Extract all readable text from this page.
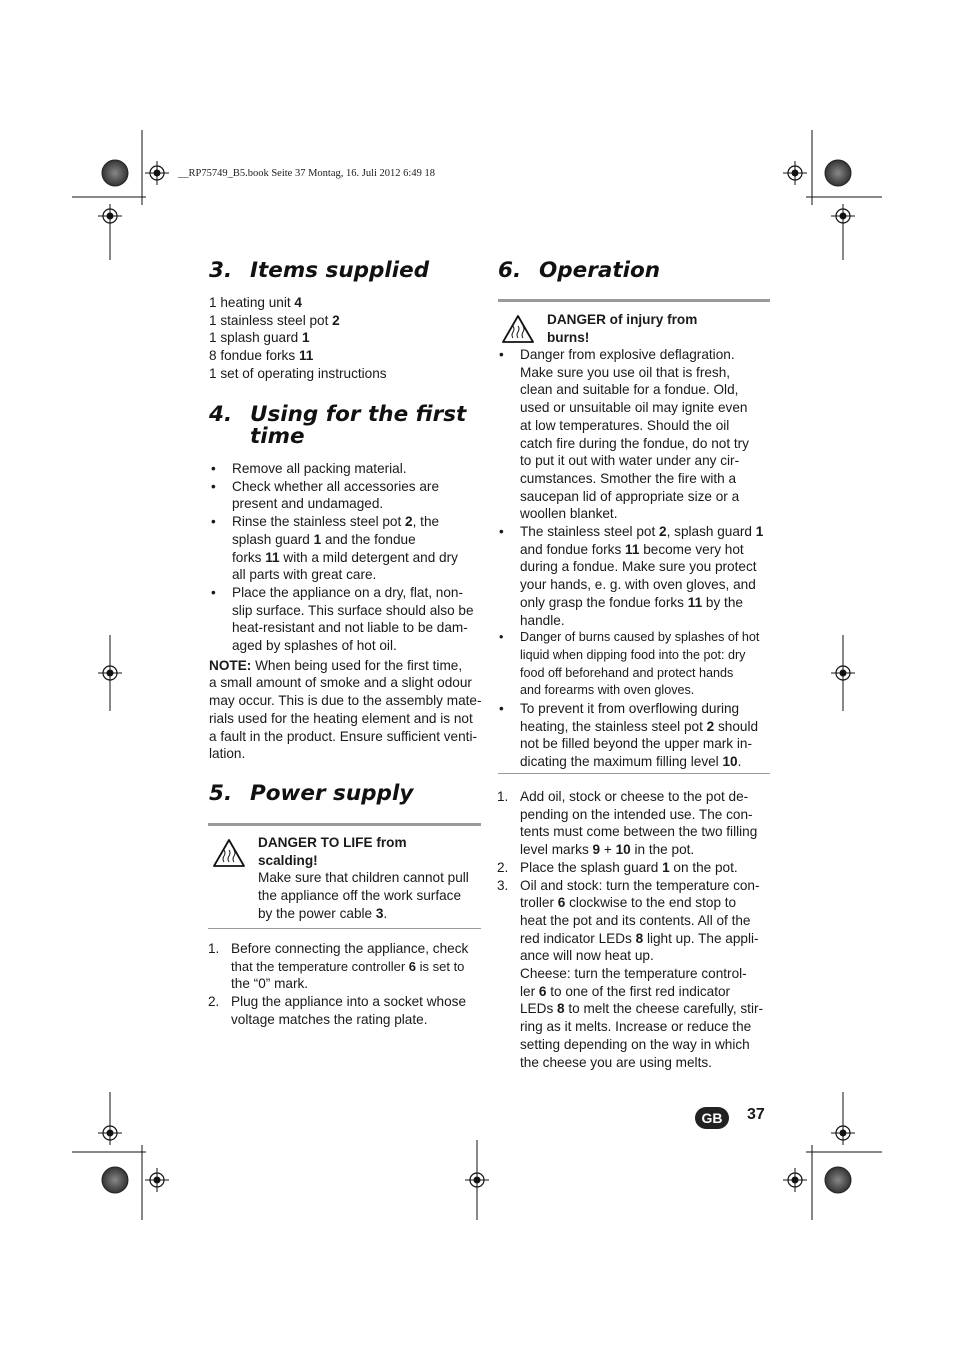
__RP75749_B5.book Seite 37 Montag, 16. Juli 2012 6:49 18
3. Items supplied
1 heating unit 4
1 stainless steel pot 2
1 splash guard 1
8 fondue forks 11
1 set of operating instructions
4. Using for the first
time
• Remove all packing material.
• Check whether all accessories are
present and undamaged.
• Rinse the stainless steel pot 2, the
splash guard 1 and the fondue
forks 11 with a mild detergent and dry
all parts with great care.
• Place the appliance on a dry, flat, non-
slip surface. This surface should also be
heat-resistant and not liable to be dam-
aged by splashes of hot oil.
NOTE: When being used for the first time,
a small amount of smoke and a slight odour
may occur. This is due to the assembly mate-
rials used for the heating element and is not
a fault in the product. Ensure sufficient venti-
lation.
5. Power supply
DANGER TO LIFE from
scalding!
Make sure that children cannot pull
the appliance off the work surface
by the power cable 3.
1. Before connecting the appliance, check
that the temperature controller 6 is set to
the “0” mark.
2. Plug the appliance into a socket whose
voltage matches the rating plate.
6. Operation
DANGER of injury from
burns!
• Danger from explosive deflagration.
Make sure you use oil that is fresh,
clean and suitable for a fondue. Old,
used or unsuitable oil may ignite even
at low temperatures. Should the oil
catch fire during the fondue, do not try
to put it out with water under any cir-
cumstances. Smother the fire with a
saucepan lid of appropriate size or a
woollen blanket.
• The stainless steel pot 2, splash guard 1
and fondue forks 11 become very hot
during a fondue. Make sure you protect
your hands, e. g. with oven gloves, and
only grasp the fondue forks 11 by the
handle.
• Danger of burns caused by splashes of hot
liquid when dipping food into the pot: dry
food off beforehand and protect hands
and forearms with oven gloves.
• To prevent it from overflowing during
heating, the stainless steel pot 2 should
not be filled beyond the upper mark in-
dicating the maximum filling level 10.
1. Add oil, stock or cheese to the pot de-
pending on the intended use. The con-
tents must come between the two filling
level marks 9 + 10 in the pot.
2. Place the splash guard 1 on the pot.
3. Oil and stock: turn the temperature con-
troller 6 clockwise to the end stop to
heat the pot and its contents. All of the
red indicator LEDs 8 light up. The appli-
ance will now heat up.
Cheese: turn the temperature control-
ler 6 to one of the first red indicator
LEDs 8 to melt the cheese carefully, stir-
ring as it melts. Increase or reduce the
setting depending on the way in which
the cheese you are using melts.
GB	37
